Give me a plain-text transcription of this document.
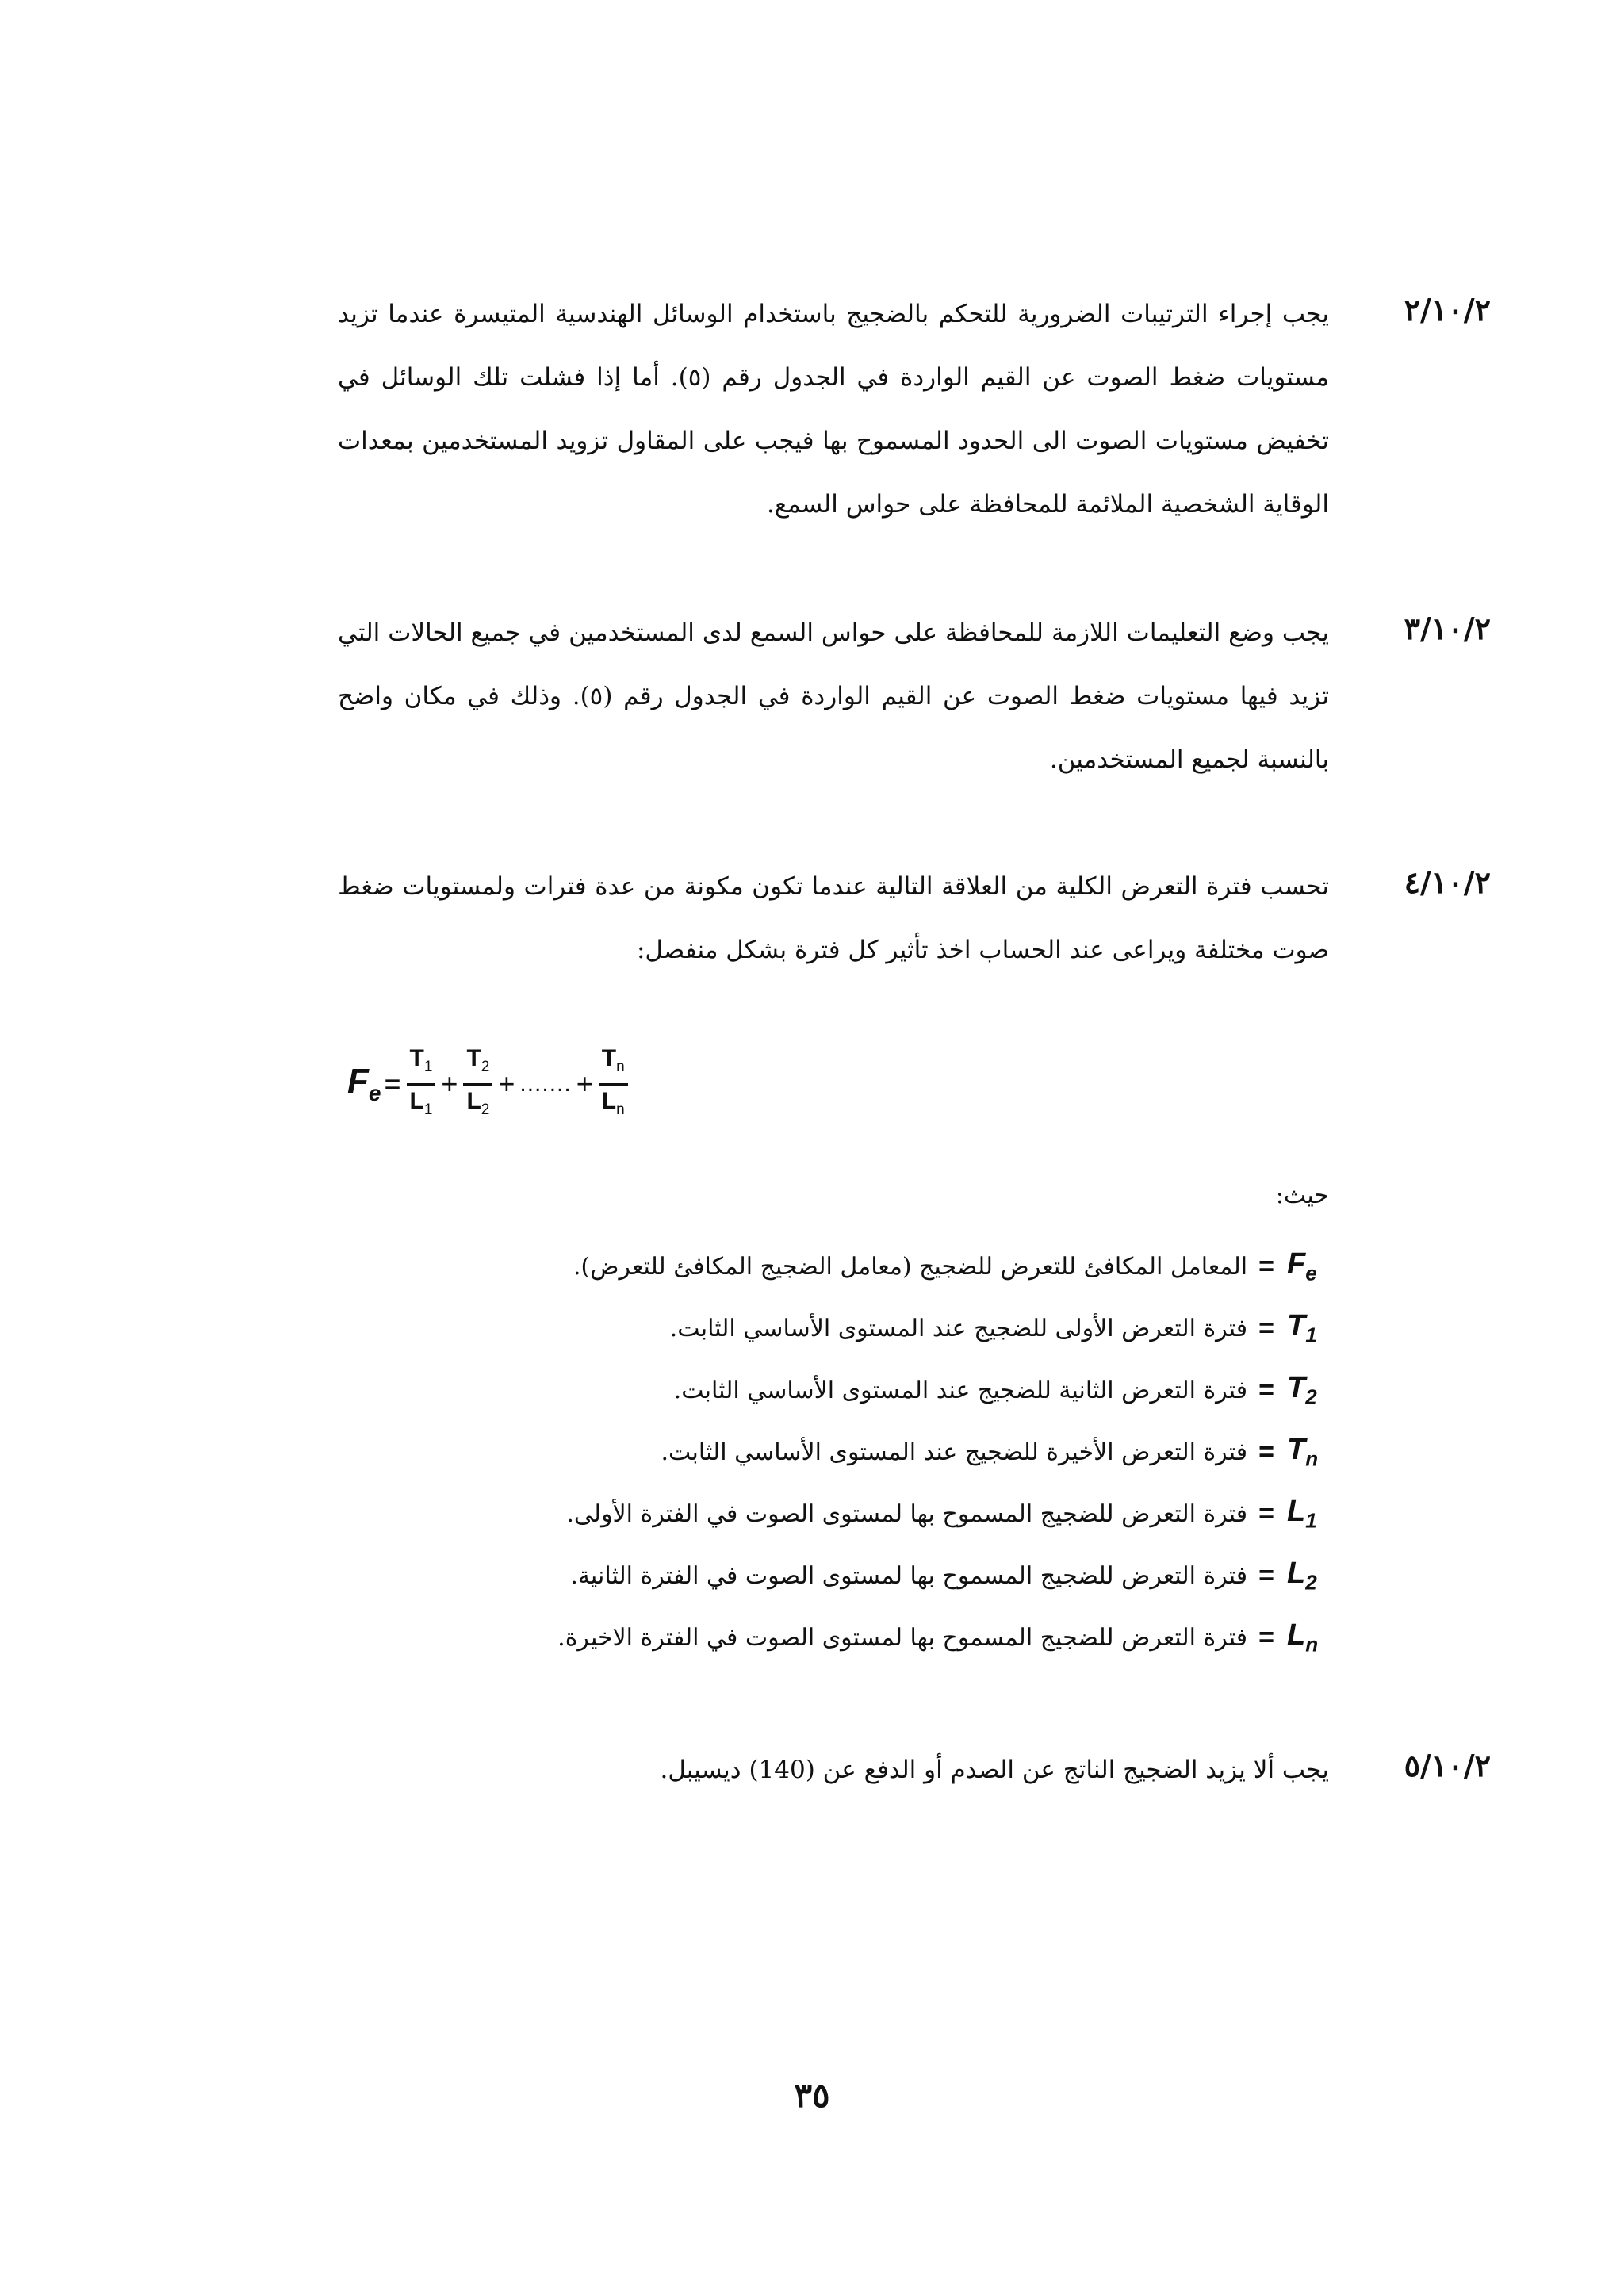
٢/١٠/٢
يجب إجراء الترتيبات الضرورية للتحكم بالضجيج باستخدام الوسائل الهندسية المتيسرة عندما تزيد مستويات ضغط الصوت عن القيم الواردة في الجدول رقم (٥). أما إذا فشلت تلك الوسائل في تخفيض مستويات الصوت الى الحدود المسموح بها فيجب على المقاول تزويد المستخدمين بمعدات الوقاية الشخصية الملائمة للمحافظة على حواس السمع.
٣/١٠/٢
يجب وضع التعليمات اللازمة للمحافظة على حواس السمع لدى المستخدمين في جميع الحالات التي تزيد فيها مستويات ضغط الصوت عن القيم الواردة في الجدول رقم (٥). وذلك في مكان واضح بالنسبة لجميع المستخدمين.
٤/١٠/٢
تحسب فترة التعرض الكلية من العلاقة التالية عندما تكون مكونة من عدة فترات ولمستويات ضغط صوت مختلفة ويراعى عند الحساب اخذ تأثير كل فترة بشكل منفصل:
$F_e = \frac{T_1}{L_1} + \frac{T_2}{L_2}$ + ....... + $\frac{T_n}{L_n}$
حيث:
$F_e$
=
المعامل المكافئ للتعرض للضجيج (معامل الضجيج المكافئ للتعرض).
$T_1$
=
فترة التعرض الأولى للضجيج عند المستوى الأساسي الثابت.
$T_2$
=
فترة التعرض الثانية للضجيج عند المستوى الأساسي الثابت.
$T_n$
=
فترة التعرض الأخيرة للضجيج عند المستوى الأساسي الثابت.
$L_1$
=
فترة التعرض للضجيج المسموح بها لمستوى الصوت في الفترة الأولى.
$L_2$
=
فترة التعرض للضجيج المسموح بها لمستوى الصوت في الفترة الثانية.
$L_n$
=
فترة التعرض للضجيج المسموح بها لمستوى الصوت في الفترة الاخيرة.
٥/١٠/٢
يجب ألا يزيد الضجيج الناتج عن الصدم أو الدفع عن (140) ديسيبل.
٣٥
